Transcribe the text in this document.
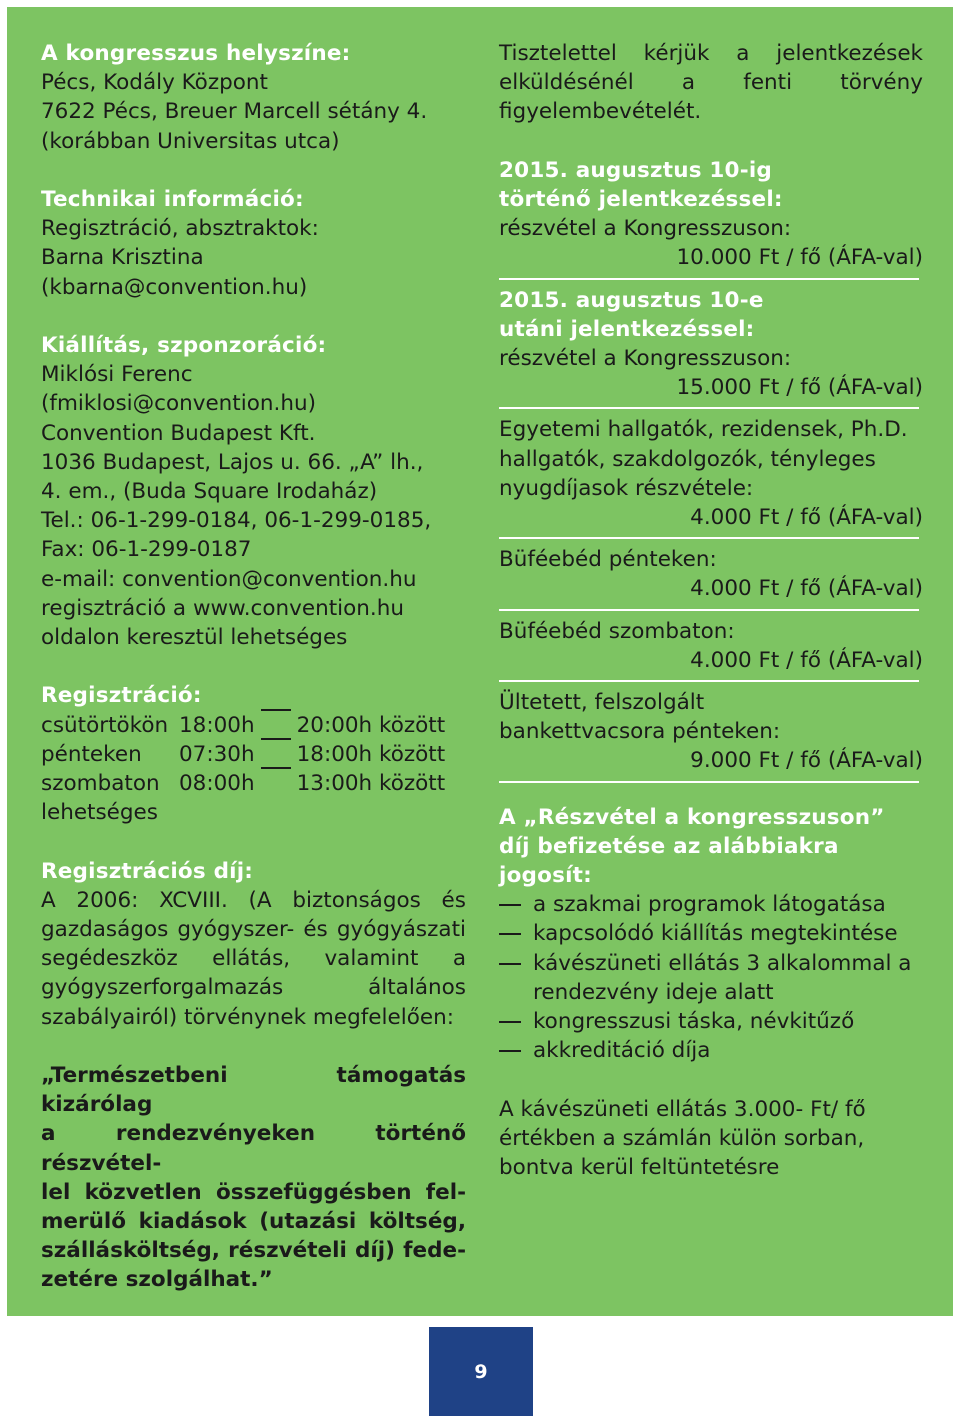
A kongresszus helyszíne:
Pécs, Kodály Központ
7622 Pécs, Breuer Marcell sétány 4.
(korábban Universitas utca)
Technikai információ:
Regisztráció, absztraktok:
Barna Krisztina
(kbarna@convention.hu)
Kiállítás, szponzoráció:
Miklósi Ferenc
(fmiklosi@convention.hu)
Convention Budapest Kft.
1036 Budapest, Lajos u. 66. „A” lh.,
4. em., (Buda Square Irodaház)
Tel.: 06-1-299-0184, 06-1-299-0185,
Fax: 06-1-299-0187
e-mail: convention@convention.hu
regisztráció a www.convention.hu
oldalon keresztül lehetséges
Regisztráció:
csütörtökön 18:00h 20:00h között
pénteken	07:30h 18:00h között
szombaton 08:00h 13:00h között
lehetséges
Regisztrációs díj:
A 2006: XCVIII. (A biztonságos és
gazdaságos gyógyszer- és gyógyászati
segédeszköz ellátás, valamint a
gyógyszerforgalmazás általános
szabályairól) törvénynek megfelelően:
„Természetbeni támogatás kizárólag
a rendezvényeken történő részvétel-
lel közvetlen összefüggésben fel-
merülő kiadások (utazási költség,
szállásköltség, részvételi díj) fede-
zetére szolgálhat.”
Tisztelettel kérjük a jelentkezések
elküldésénél a fenti törvény
figyelembevételét.
2015. augusztus 10-ig
történő jelentkezéssel:
részvétel a Kongresszuson:
10.000 Ft / fő (ÁFA-val)
2015. augusztus 10-e
utáni jelentkezéssel:
részvétel a Kongresszuson:
15.000 Ft / fő (ÁFA-val)
Egyetemi hallgatók, rezidensek, Ph.D.
hallgatók, szakdolgozók, tényleges
nyugdíjasok részvétele:
4.000 Ft / fő (ÁFA-val)
Büféebéd pénteken:
4.000 Ft / fő (ÁFA-val)
Büféebéd szombaton:
4.000 Ft / fő (ÁFA-val)
Ültetett, felszolgált
bankettvacsora pénteken:
9.000 Ft / fő (ÁFA-val)
A „Részvétel a kongresszuson”
díj befizetése az alábbiakra
jogosít:
a szakmai programok látogatása
kapcsolódó kiállítás megtekintése
kávészüneti ellátás 3 alkalommal a rendezvény ideje alatt
kongresszusi táska, névkitűző
akkreditáció díja
A kávészüneti ellátás 3.000- Ft/ fő
értékben a számlán külön sorban,
bontva kerül feltüntetésre
9
